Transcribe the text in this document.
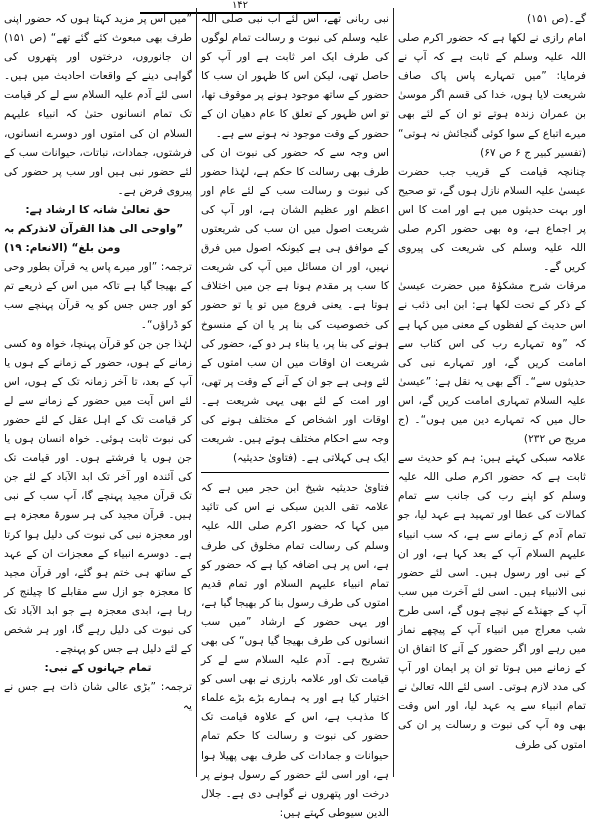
۱۴۲

گے۔(ص ۱۵۱)

امام رازی نے لکھا ہے کہ حضور اکرم صلی اللہ علیہ وسلم کے ثابت ہے کہ آپ نے فرمایا: ”میں تمہارے پاس پاک صاف شریعت لایا ہوں، خدا کی قسم اگر موسیٰ بن عمران زندہ ہوتے تو ان کے لئے بھی میرے اتباع کے سوا کوئی گنجائش نہ ہوتی“ (تفسیر کبیر ج ۶ ص ۶۷)

چنانچہ قیامت کے قریب جب حضرت عیسیٰ علیہ السلام نازل ہوں گے، تو صحیح اور بہت حدیثوں میں ہے اور امت کا اس پر اجماع ہے، وہ بھی حضور اکرم صلی اللہ علیہ وسلم کی شریعت کی پیروی کریں گے۔

مرقات شرح مشکوٰۃ میں حضرت عیسیٰ کے ذکر کے تحت لکھا ہے: ابن ابی ذئب نے اس حدیث کے لفظوں کے معنی میں کہا ہے کہ ”وہ تمہارے رب کی اس کتاب سے امامت کریں گے، اور تمہارے نبی کی حدیثوں سے“۔ آگے بھی یہ نقل ہے: ”عیسیٰ علیہ السلام تمہاری امامت کریں گے، اس حال میں کہ تمہارے دین میں ہوں“۔ (ج مریح ص ۲۳۲)

علامہ سبکی کہتے ہیں: ہم کو حدیث سے ثابت ہے کہ حضور اکرم صلی اللہ علیہ وسلم کو اپنے رب کی جانب سے تمام کمالات کی عطا اور تمہید ہے عہد لیا، جو تمام آدم کے زمانے سے ہے، کہ سب انبیاء علیہم السلام آپ کے بعد کہا ہے، اور ان کے نبی اور رسول ہیں۔ اسی لئے حضور نبی الانبیاء ہیں۔ اسی لئے آخرت میں سب آپ کے جھنڈے کے نیچے ہوں گے، اسی طرح شب معراج میں انبیاء آپ کے پیچھے نماز میں رہے اور اگر حضور کے آنے کا اتفاق ان کے زمانے میں ہوتا تو ان پر ایمان اور آپ کی مدد لازم ہوتی۔ اسی لئے اللہ تعالیٰ نے تمام انبیاء سے یہ عہد لیا، اور اس وقت بھی وہ آپ کی نبوت و رسالت پر ان کی امتوں کی طرف

نبی ربانی تھے، اس لئے اب نبی صلی اللہ علیہ وسلم کی نبوت و رسالت تمام لوگوں کی طرف ایک امر ثابت ہے اور آپ کو حاصل تھی، لیکن اس کا ظہور ان سب کا حضور کے ساتھ موجود ہونے پر موقوف تھا، تو اس ظہور کے تعلق کا عام دھیان ان کے حضور کے وقت موجود نہ ہونے سے ہے۔

اس وجہ سے کہ حضور کی نبوت ان کی طرف بھی رسالت کا حکم ہے، لہٰذا حضور کی نبوت و رسالت سب کے لئے عام اور اعظم اور عظیم الشان ہے، اور آپ کی شریعت اصول میں ان سب کی شریعتوں کے موافق ہی ہے کیونکہ اصول میں فرق نہیں، اور ان مسائل میں آپ کی شریعت کا سب پر مقدم ہونا ہے جن میں اختلاف ہوتا ہے۔ یعنی فروع میں تو یا تو حضور کی خصوصیت کی بنا پر یا ان کے منسوخ ہونے کی بنا پر، یا بناء ہر دو کے، حضور کی شریعت ان اوقات میں ان سب امتوں کے لئے وہی ہے جو ان کے آنے کے وقت پر تھی، اور امت کے لئے بھی یہی شریعت ہے۔ اوقات اور اشخاص کے مختلف ہونے کی وجہ سے احکام مختلف ہوتے ہیں۔ شریعت ایک ہی کہلاتی ہے۔ (فتاویٰ حدیثیہ)

فتاویٰ حدیثیہ شیخ ابن حجر میں ہے کہ علامہ تقی الدین سبکی نے اس کی تائید میں کہا کہ حضور اکرم صلی اللہ علیہ وسلم کی رسالت تمام مخلوق کی طرف ہے، اس پر ہی اضافہ کیا ہے کہ حضور کو تمام انبیاء علیہم السلام اور تمام قدیم امتوں کی طرف رسول بنا کر بھیجا گیا ہے، اور یہی حضور کے ارشاد ”میں سب انسانوں کی طرف بھیجا گیا ہوں“ کی بھی تشریح ہے۔ آدم علیہ السلام سے لے کر قیامت تک اور علامہ بارزی نے بھی اسی کو اختیار کیا ہے اور یہ ہمارے بڑے بڑے علماء کا مذہب ہے، اس کے علاوہ قیامت تک حضور کی نبوت و رسالت کا حکم تمام حیوانات و جمادات کی طرف بھی پھیلا ہوا ہے، اور اسی لئے حضور کے رسول ہونے پر درخت اور پتھروں نے گواہی دی ہے۔ جلال الدین سیوطی کہتے ہیں:

”میں اس پر مزید کہتا ہوں کہ حضور اپنی طرف بھی مبعوث کئے گئے تھے“ (ص ۱۵۱) ان جانوروں، درختوں اور پتھروں کی گواہی دینے کے واقعات احادیث میں ہیں۔ اسی لئے آدم علیہ السلام سے لے کر قیامت تک تمام انسانوں حتیٰ کہ انبیاء علیہم السلام ان کی امتوں اور دوسرے انسانوں، فرشتوں، جمادات، نباتات، حیوانات سب کے لئے حضور نبی ہیں اور سب پر حضور کی پیروی فرض ہے۔

حق تعالیٰ شانہ کا ارشاد ہے:

”واوحی الی ھذا القرآن لانذرکم بہ ومن بلغ“ (الانعام: ۱۹)

ترجمہ: ”اور میرے پاس یہ قرآن بطور وحی کے بھیجا گیا ہے تاکہ میں اس کے ذریعے تم کو اور جس جس کو یہ قرآن پہنچے سب کو ڈراؤں“۔

لہٰذا جن جن کو قرآن پہنچا، خواہ وہ کسی زمانے کے ہوں، حضور کے زمانے کے ہوں یا آپ کے بعد، تا آخر زمانہ تک کے ہوں، اس لئے اس آیت میں حضور کے زمانے سے لے کر قیامت تک کے اہل عقل کے لئے حضور کی نبوت ثابت ہوئی۔ خواہ انسان ہوں یا جن ہوں یا فرشتے ہوں۔ اور قیامت تک کی آئندہ اور آخر تک ابد الآباد کے لئے جن تک قرآن مجید پہنچے گا، آپ سب کے نبی ہیں۔ قرآن مجید کی ہر سورۃ معجزہ ہے اور معجزہ نبی کی نبوت کی دلیل ہوا کرتا ہے۔ دوسرے انبیاء کے معجزات ان کے عہد کے ساتھ ہی ختم ہو گئے، اور قرآن مجید کا معجزہ جو ازل سے مقابلے کا چیلنج کر رہا ہے، ابدی معجزہ ہے جو ابد الآباد تک کی نبوت کی دلیل رہے گا، اور ہر شخص کے لئے دلیل ہے جس کو پہنچے۔

تمام جہانوں کے نبی:

ترجمہ: ”بڑی عالی شان ذات ہے جس نے یہ
